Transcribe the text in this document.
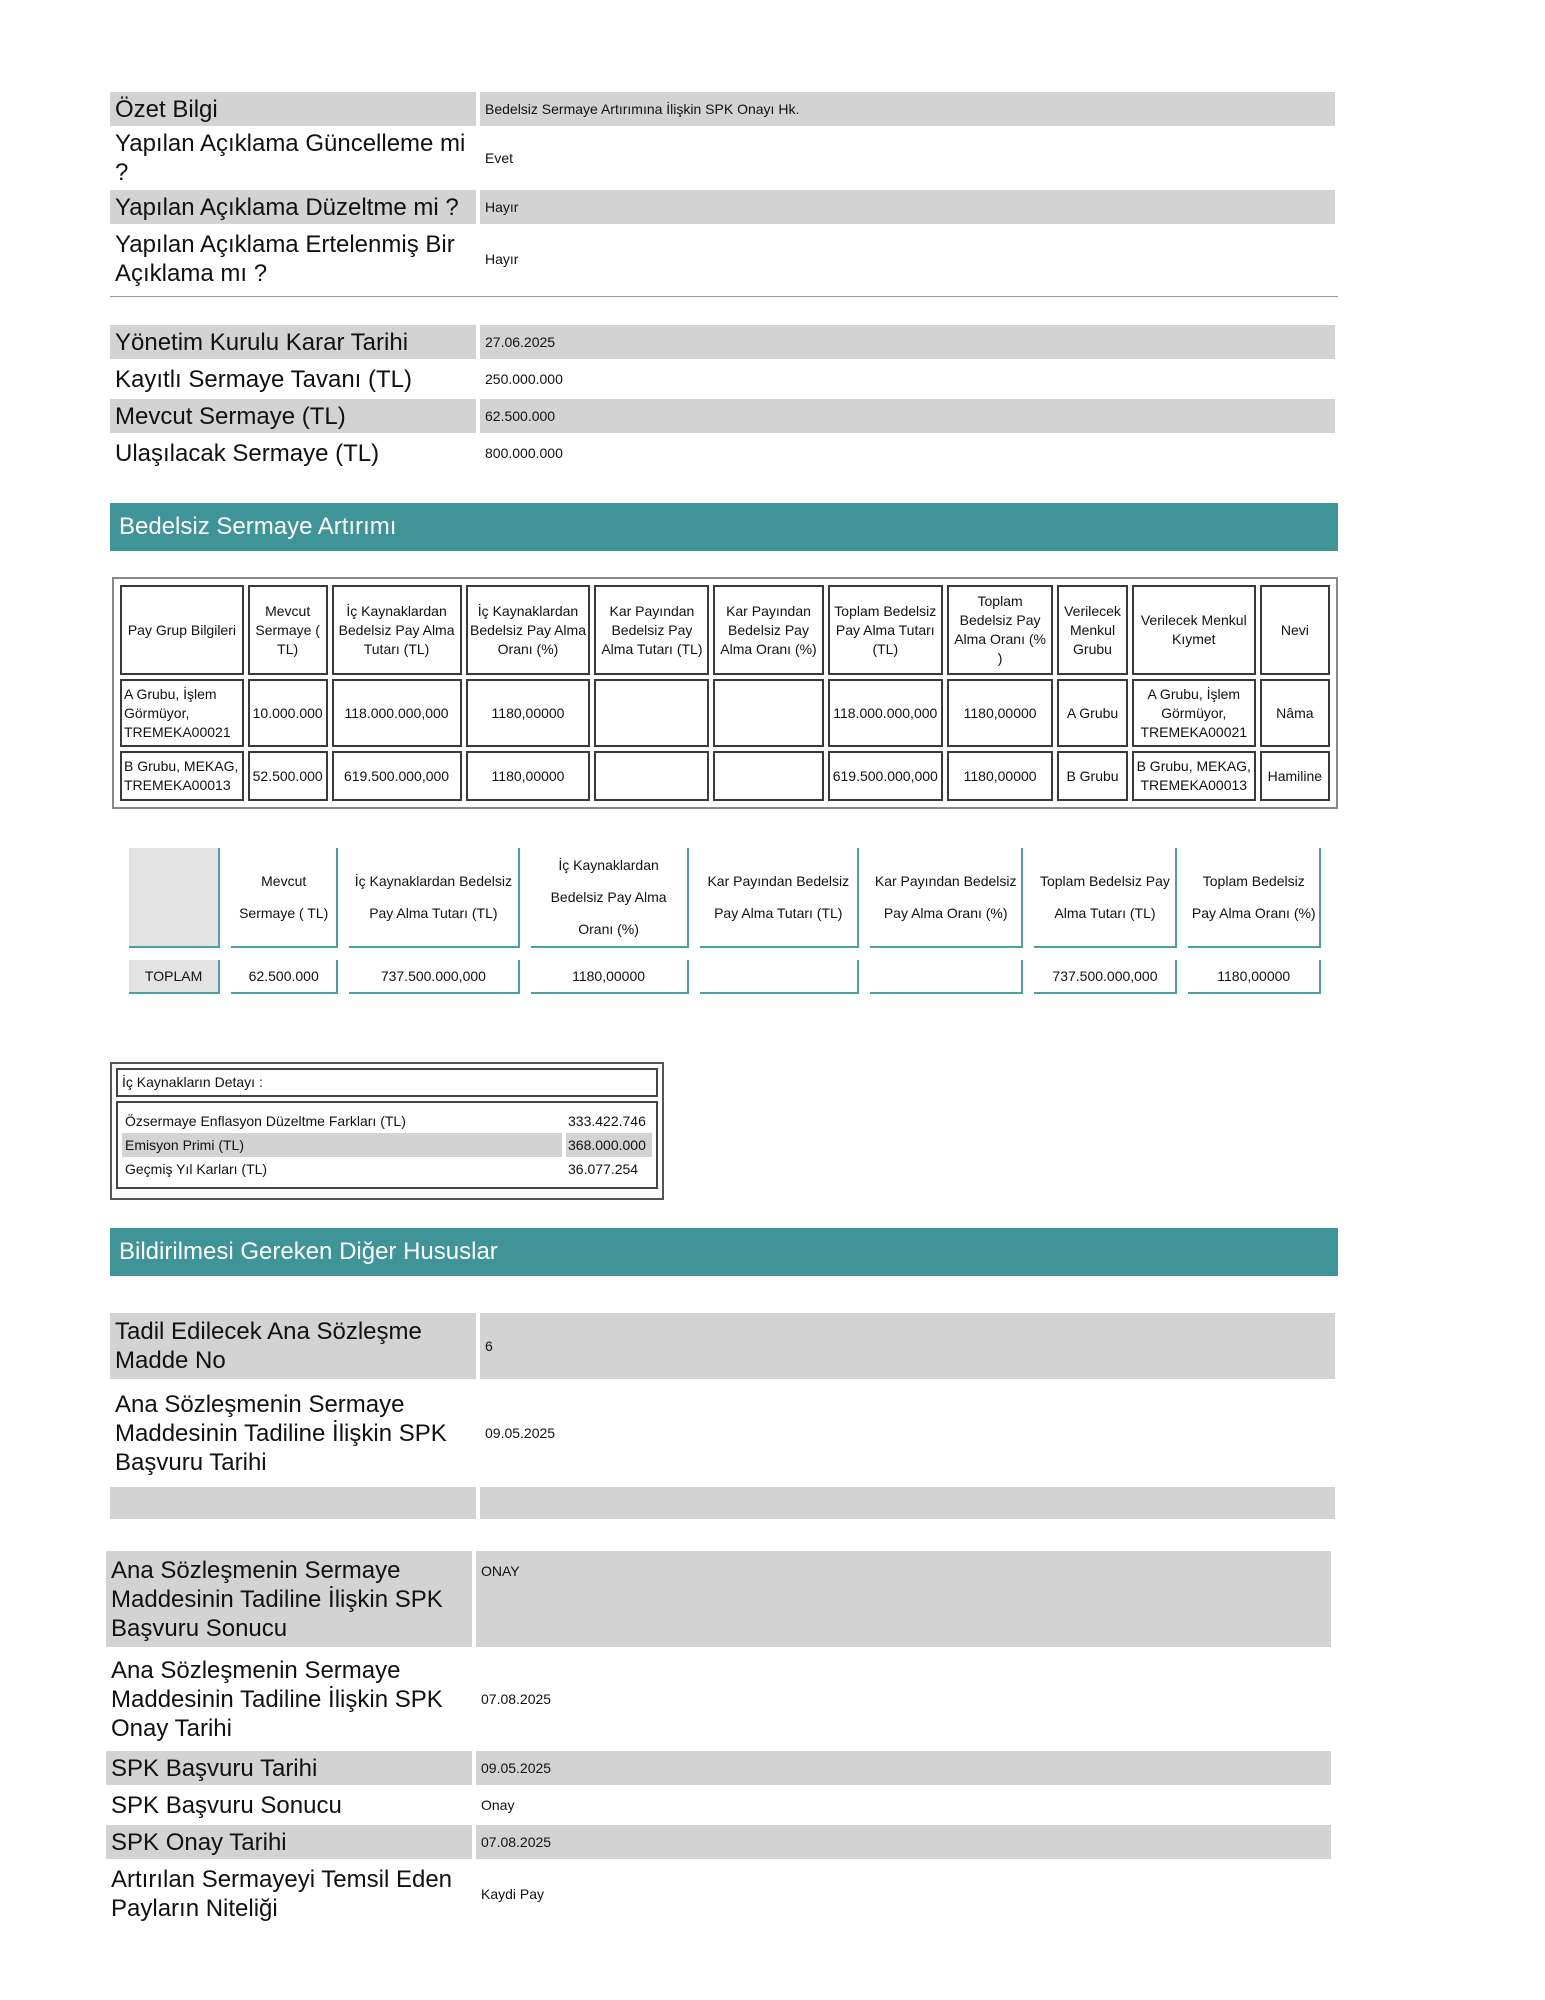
Özet Bilgi	Bedelsiz Sermaye Artırımına İlişkin SPK Onayı Hk.
Yapılan Açıklama Güncelleme mi ?	Evet
Yapılan Açıklama Düzeltme mi ?	Hayır
Yapılan Açıklama Ertelenmiş Bir Açıklama mı ?	Hayır
Yönetim Kurulu Karar Tarihi	27.06.2025
Kayıtlı Sermaye Tavanı (TL)	250.000.000
Mevcut Sermaye (TL)	62.500.000
Ulaşılacak Sermaye (TL)	800.000.000
Bedelsiz Sermaye Artırımı
Pay Grup Bilgileri	Mevcut Sermaye ( TL)	İç Kaynaklardan Bedelsiz Pay Alma Tutarı (TL)	İç Kaynaklardan Bedelsiz Pay Alma Oranı (%)	Kar Payından Bedelsiz Pay Alma Tutarı (TL)	Kar Payından Bedelsiz Pay Alma Oranı (%)	Toplam Bedelsiz Pay Alma Tutarı (TL)	Toplam Bedelsiz Pay Alma Oranı (% )	Verilecek Menkul Grubu	Verilecek Menkul Kıymet	Nevi
A Grubu, İşlem Görmüyor, TREMEKA00021	10.000.000	118.000.000,000	1180,00000			118.000.000,000	1180,00000	A Grubu	A Grubu, İşlem Görmüyor, TREMEKA00021	Nâma
B Grubu, MEKAG, TREMEKA00013	52.500.000	619.500.000,000	1180,00000			619.500.000,000	1180,00000	B Grubu	B Grubu, MEKAG, TREMEKA00013	Hamiline
	Mevcut Sermaye ( TL)	İç Kaynaklardan Bedelsiz Pay Alma Tutarı (TL)	İç Kaynaklardan Bedelsiz Pay Alma Oranı (%)	Kar Payından Bedelsiz Pay Alma Tutarı (TL)	Kar Payından Bedelsiz Pay Alma Oranı (%)	Toplam Bedelsiz Pay Alma Tutarı (TL)	Toplam Bedelsiz Pay Alma Oranı (%)

TOPLAM	62.500.000	737.500.000,000	1180,00000			737.500.000,000	1180,00000
İç Kaynakların Detayı :
Özsermaye Enflasyon Düzeltme Farkları (TL)	333.422.746
Emisyon Primi (TL)	368.000.000
Geçmiş Yıl Karları (TL)	36.077.254
Bildirilmesi Gereken Diğer Hususlar
Tadil Edilecek Ana Sözleşme Madde No	6
Ana Sözleşmenin Sermaye Maddesinin Tadiline İlişkin SPK Başvuru Tarihi	09.05.2025

Ana Sözleşmenin Sermaye Maddesinin Tadiline İlişkin SPK Başvuru Sonucu	ONAY
Ana Sözleşmenin Sermaye Maddesinin Tadiline İlişkin SPK Onay Tarihi	07.08.2025
SPK Başvuru Tarihi	09.05.2025
SPK Başvuru Sonucu	Onay
SPK Onay Tarihi	07.08.2025
Artırılan Sermayeyi Temsil Eden Payların Niteliği	Kaydi Pay
